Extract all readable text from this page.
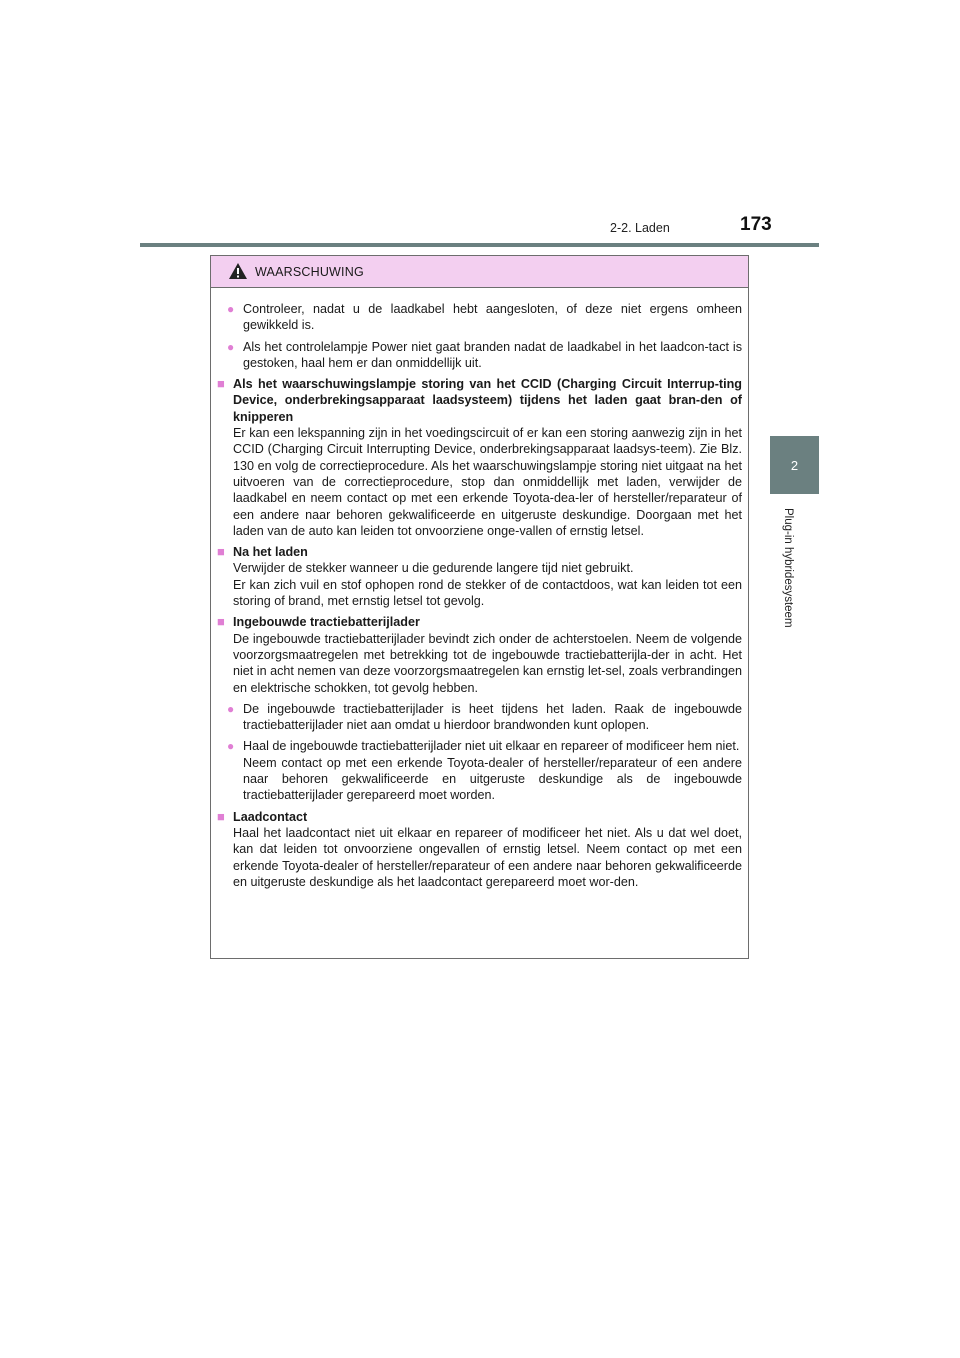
2-2. Laden	173
2
Plug-in hybridesysteem
WAARSCHUWING
● Controleer, nadat u de laadkabel hebt aangesloten, of deze niet ergens omheen gewikkeld is.
● Als het controlelampje Power niet gaat branden nadat de laadkabel in het laadcon-tact is gestoken, haal hem er dan onmiddellijk uit.
■ Als het waarschuwingslampje storing van het CCID (Charging Circuit Interrup-ting Device, onderbrekingsapparaat laadsysteem) tijdens het laden gaat bran-den of knipperen
Er kan een lekspanning zijn in het voedingscircuit of er kan een storing aanwezig zijn in het CCID (Charging Circuit Interrupting Device, onderbrekingsapparaat laadsys-teem). Zie Blz. 130 en volg de correctieprocedure. Als het waarschuwingslampje storing niet uitgaat na het uitvoeren van de correctieprocedure, stop dan onmiddellijk met laden, verwijder de laadkabel en neem contact op met een erkende Toyota-dea-ler of hersteller/reparateur of een andere naar behoren gekwalificeerde en uitgeruste deskundige. Doorgaan met het laden van de auto kan leiden tot onvoorziene onge-vallen of ernstig letsel.
■ Na het laden
Verwijder de stekker wanneer u die gedurende langere tijd niet gebruikt.
Er kan zich vuil en stof ophopen rond de stekker of de contactdoos, wat kan leiden tot een storing of brand, met ernstig letsel tot gevolg.
■ Ingebouwde tractiebatterijlader
De ingebouwde tractiebatterijlader bevindt zich onder de achterstoelen. Neem de volgende voorzorgsmaatregelen met betrekking tot de ingebouwde tractiebatterijla-der in acht. Het niet in acht nemen van deze voorzorgsmaatregelen kan ernstig let-sel, zoals verbrandingen en elektrische schokken, tot gevolg hebben.
● De ingebouwde tractiebatterijlader is heet tijdens het laden. Raak de ingebouwde tractiebatterijlader niet aan omdat u hierdoor brandwonden kunt oplopen.
● Haal de ingebouwde tractiebatterijlader niet uit elkaar en repareer of modificeer hem niet.
Neem contact op met een erkende Toyota-dealer of hersteller/reparateur of een andere naar behoren gekwalificeerde en uitgeruste deskundige als de ingebouwde tractiebatterijlader gerepareerd moet worden.
■ Laadcontact
Haal het laadcontact niet uit elkaar en repareer of modificeer het niet. Als u dat wel doet, kan dat leiden tot onvoorziene ongevallen of ernstig letsel. Neem contact op met een erkende Toyota-dealer of hersteller/reparateur of een andere naar behoren gekwalificeerde en uitgeruste deskundige als het laadcontact gerepareerd moet wor-den.
